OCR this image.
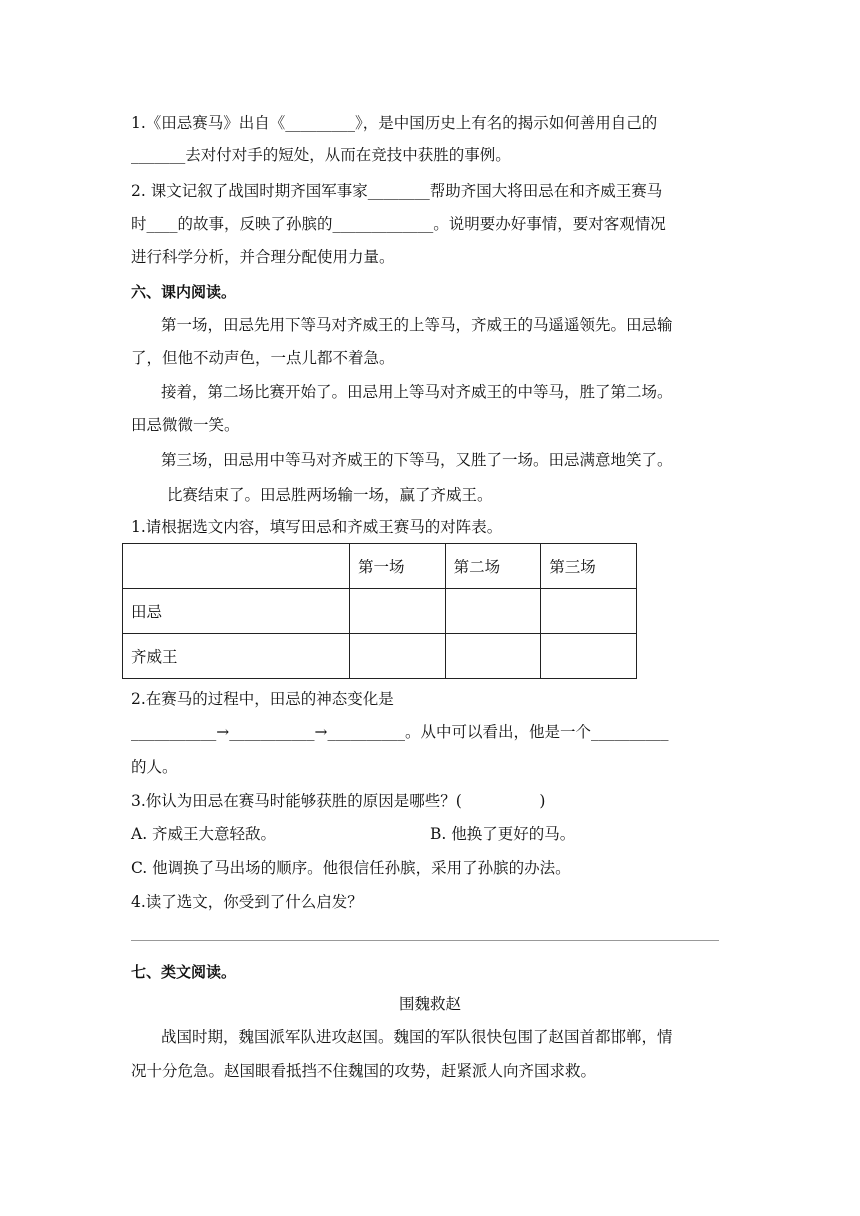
1.《田忌赛马》出自《_________》，是中国历史上有名的揭示如何善用自己的
_______去对付对手的短处，从而在竞技中获胜的事例。
2. 课文记叙了战国时期齐国军事家________帮助齐国大将田忌在和齐威王赛马
时____的故事，反映了孙膑的_____________。说明要办好事情，要对客观情况
进行科学分析，并合理分配使用力量。
六、课内阅读。
第一场，田忌先用下等马对齐威王的上等马，齐威王的马遥遥领先。田忌输
了，但他不动声色，一点儿都不着急。
接着，第二场比赛开始了。田忌用上等马对齐威王的中等马，胜了第二场。
田忌微微一笑。
第三场，田忌用中等马对齐威王的下等马，又胜了一场。田忌满意地笑了。
比赛结束了。田忌胜两场输一场，赢了齐威王。
1.请根据选文内容，填写田忌和齐威王赛马的对阵表。
	第一场	第二场	第三场
田忌			
齐威王			
2.在赛马的过程中，田忌的神态变化是
___________→___________→__________。从中可以看出，他是一个__________
的人。
3.你认为田忌在赛马时能够获胜的原因是哪些？(　　　　　)
A. 齐威王大意轻敌。	B. 他换了更好的马。
C. 他调换了马出场的顺序。他很信任孙膑，采用了孙膑的办法。
4.读了选文，你受到了什么启发？
七、类文阅读。
围魏救赵
战国时期，魏国派军队进攻赵国。魏国的军队很快包围了赵国首都邯郸，情
况十分危急。赵国眼看抵挡不住魏国的攻势，赶紧派人向齐国求救。
